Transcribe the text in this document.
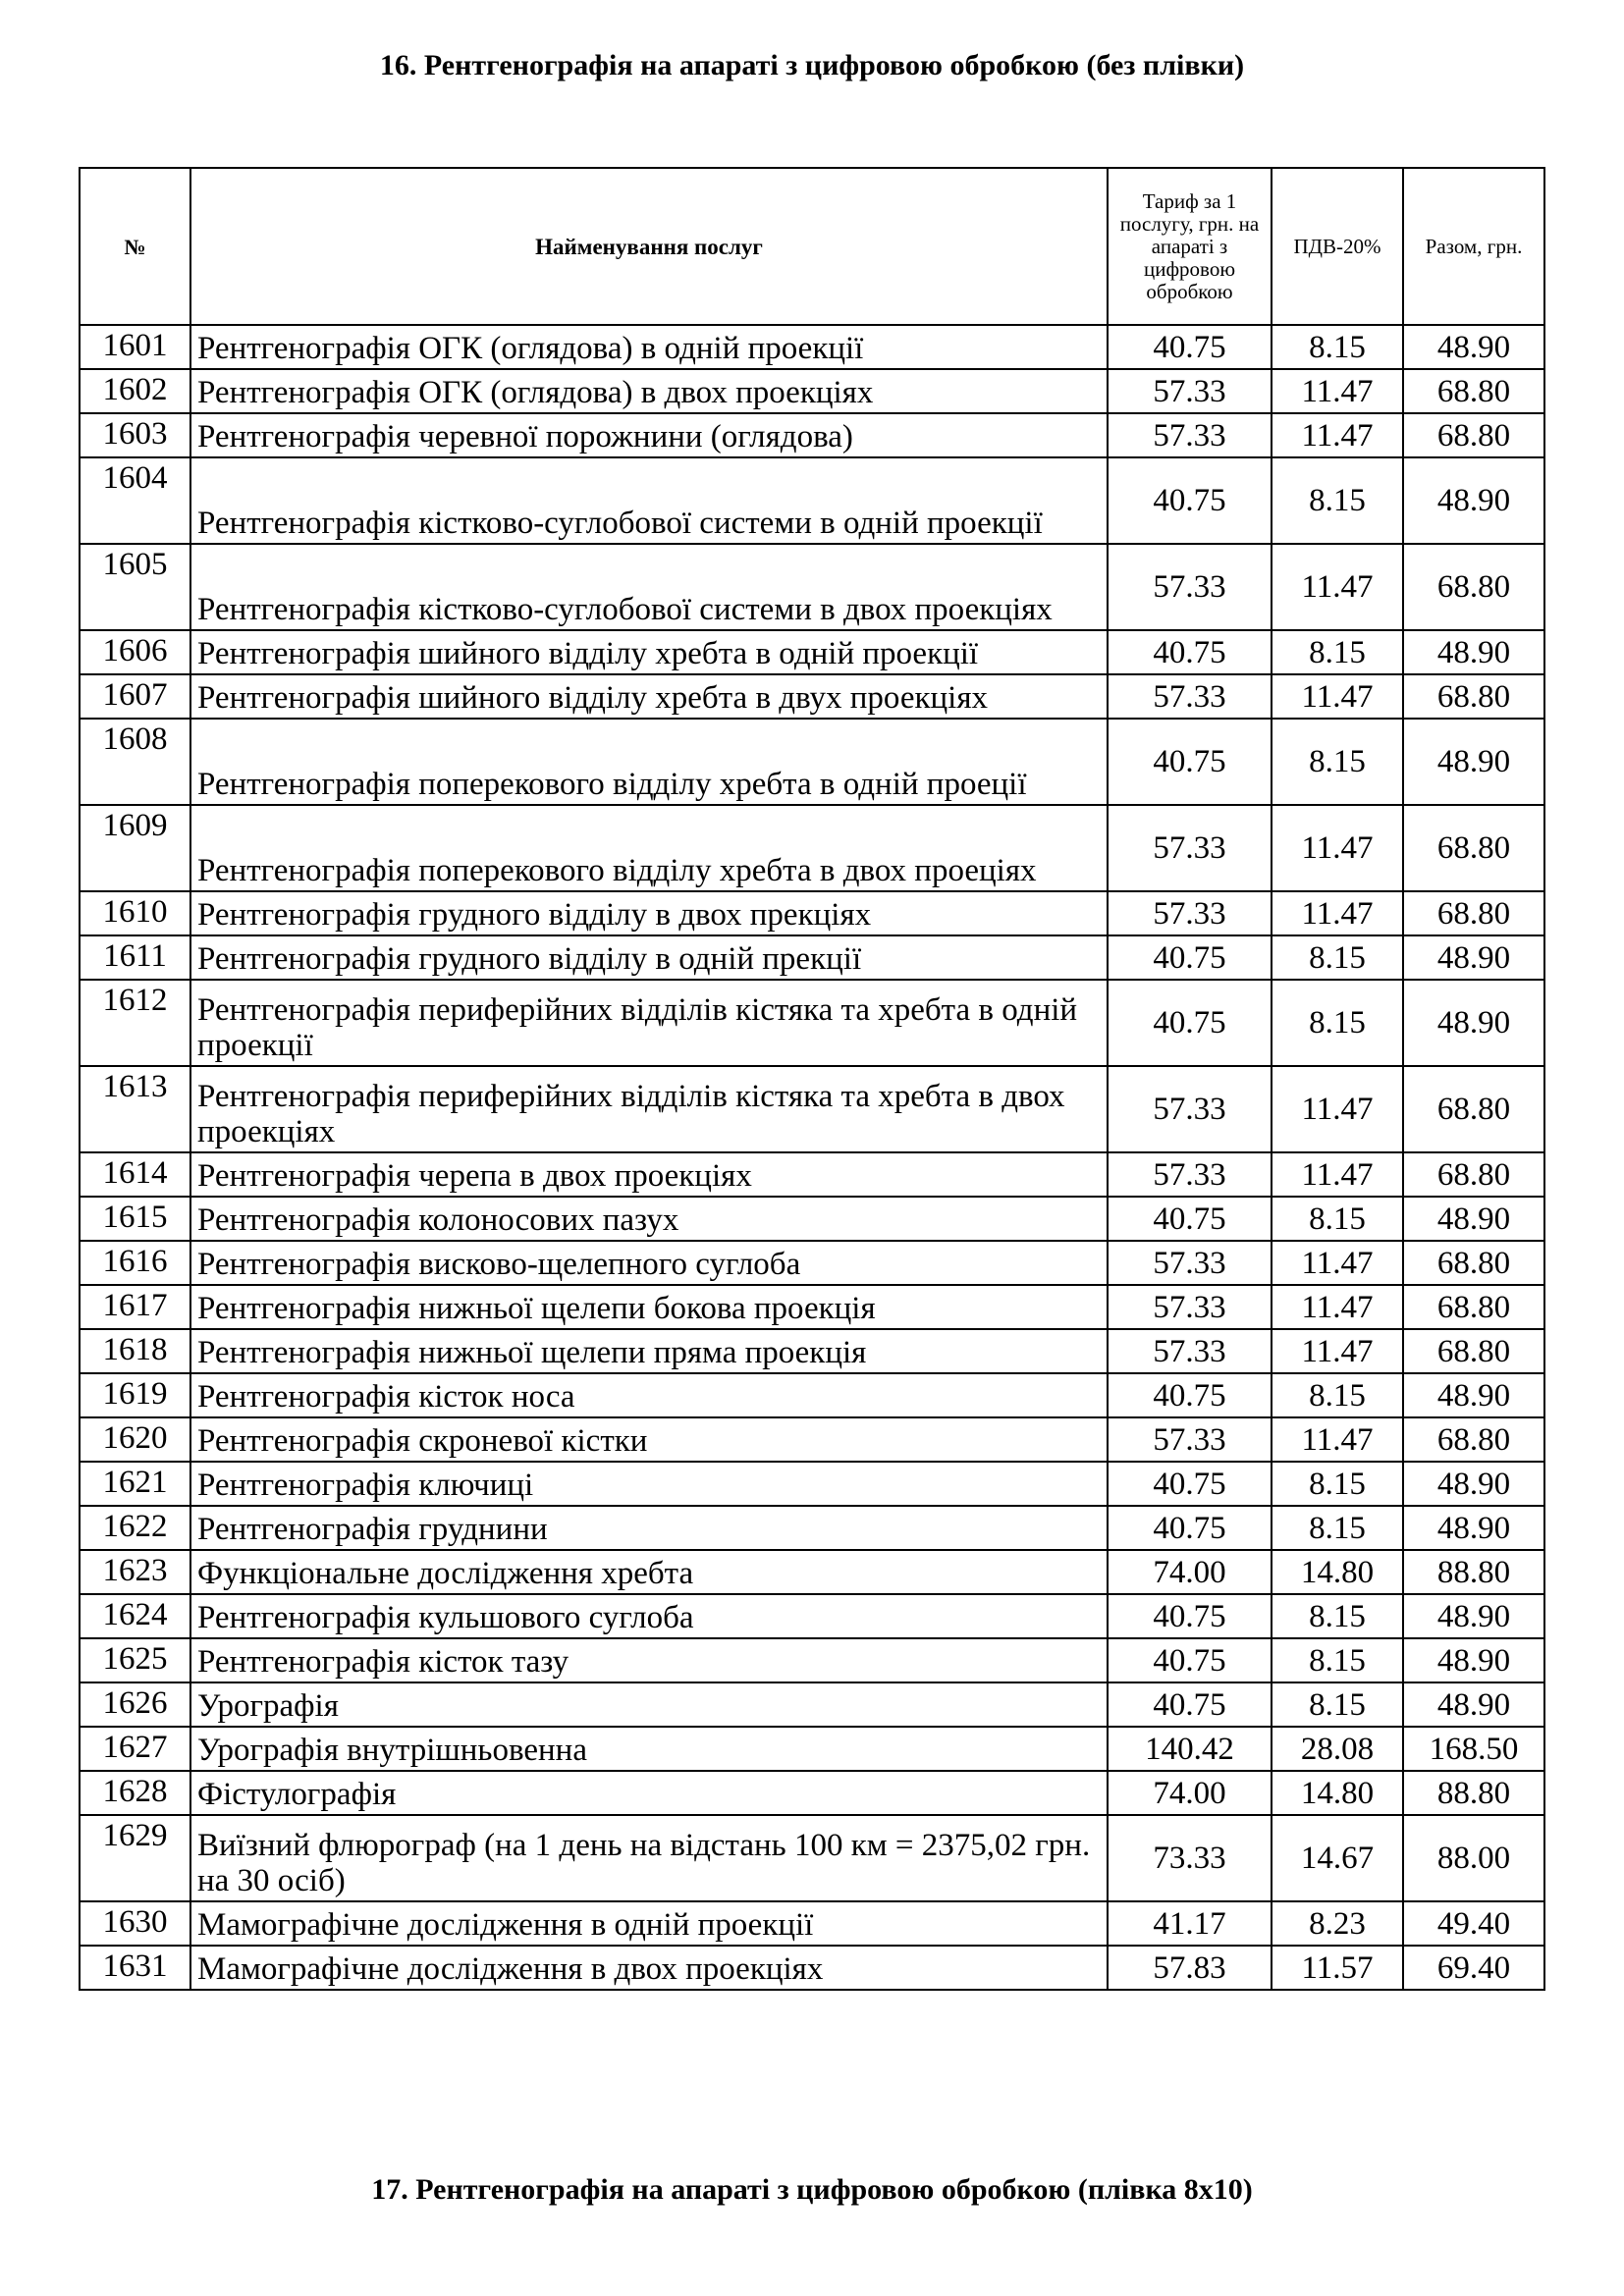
16. Рентгенографія на апараті з цифровою обробкою (без плівки)
№	Найменування послуг	Тариф за 1 послугу, грн. на апараті з цифровою обробкою	ПДВ-20%	Разом, грн.
1601	Рентгенографія ОГК (оглядова) в одній проекції	40.75	8.15	48.90
1602	Рентгенографія ОГК (оглядова) в двох проекціях	57.33	11.47	68.80
1603	Рентгенографія черевної порожнини (оглядова)	57.33	11.47	68.80
1604	Рентгенографія кістково-суглобової системи в одній проекції	40.75	8.15	48.90
1605	Рентгенографія кістково-суглобової системи в двох проекціях	57.33	11.47	68.80
1606	Рентгенографія шийного відділу хребта в одній проекції	40.75	8.15	48.90
1607	Рентгенографія шийного відділу хребта в двух проекціях	57.33	11.47	68.80
1608	Рентгенографія поперекового відділу хребта в одній проеції	40.75	8.15	48.90
1609	Рентгенографія поперекового відділу хребта в двох проеціях	57.33	11.47	68.80
1610	Рентгенографія грудного відділу в двох прекціях	57.33	11.47	68.80
1611	Рентгенографія грудного відділу в одній прекції	40.75	8.15	48.90
1612	Рентгенографія периферійних відділів кістяка та хребта в одній проекції	40.75	8.15	48.90
1613	Рентгенографія периферійних відділів кістяка та хребта в двох проекціях	57.33	11.47	68.80
1614	Рентгенографія черепа в двох проекціях	57.33	11.47	68.80
1615	Рентгенографія колоносових пазух	40.75	8.15	48.90
1616	Рентгенографія висково-щелепного суглоба	57.33	11.47	68.80
1617	Рентгенографія нижньої щелепи бокова проекція	57.33	11.47	68.80
1618	Рентгенографія нижньої щелепи пряма проекція	57.33	11.47	68.80
1619	Рентгенографія кісток носа	40.75	8.15	48.90
1620	Рентгенографія скроневої кістки	57.33	11.47	68.80
1621	Рентгенографія ключиці	40.75	8.15	48.90
1622	Рентгенографія груднини	40.75	8.15	48.90
1623	Функціональне дослідження хребта	74.00	14.80	88.80
1624	Рентгенографія кульшового суглоба	40.75	8.15	48.90
1625	Рентгенографія кісток тазу	40.75	8.15	48.90
1626	Урографія	40.75	8.15	48.90
1627	Урографія внутрішньовенна	140.42	28.08	168.50
1628	Фістулографія	74.00	14.80	88.80
1629	Виїзний флюрограф (на 1 день на відстань 100 км = 2375,02 грн. на 30 осіб)	73.33	14.67	88.00
1630	Мамографічне дослідження в одній проекції	41.17	8.23	49.40
1631	Мамографічне дослідження в двох проекціях	57.83	11.57	69.40
17. Рентгенографія на апараті з цифровою обробкою (плівка 8х10)
